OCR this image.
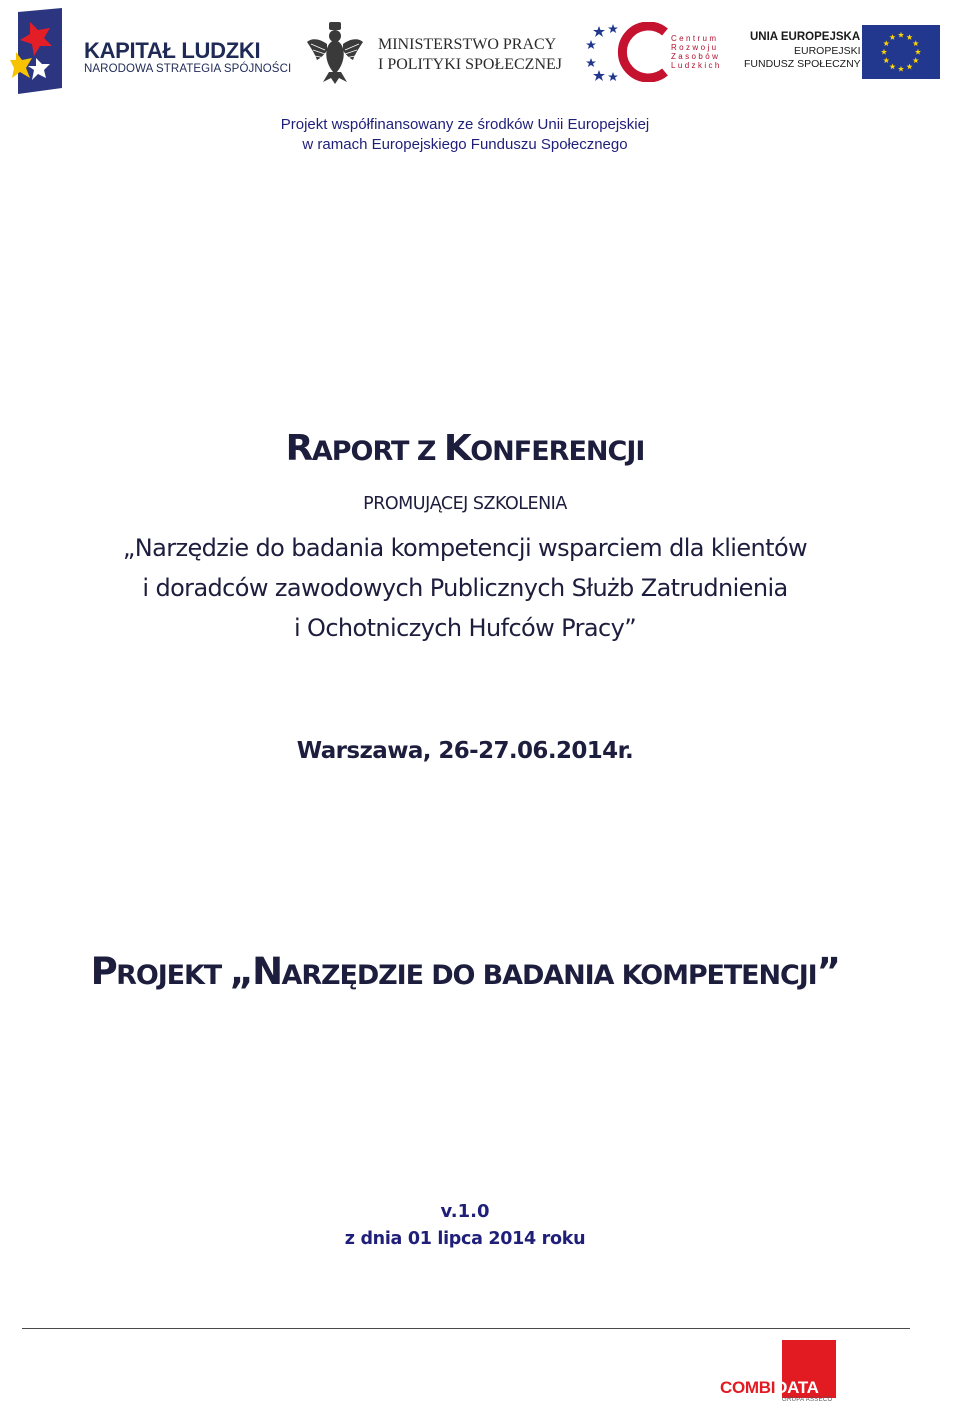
KAPITAŁ LUDZKI
NARODOWA STRATEGIA SPÓJNOŚCI
MINISTERSTWO PRACY
I POLITYKI SPOŁECZNEJ
Centrum
Rozwoju
Zasobów
Ludzkich
UNIA EUROPEJSKA
EUROPEJSKI
FUNDUSZ SPOŁECZNY
Projekt współfinansowany ze środków Unii Europejskiej
w ramach Europejskiego Funduszu Społecznego
RAPORT Z KONFERENCJI
PROMUJĄCEJ SZKOLENIA
„Narzędzie do badania kompetencji wsparciem dla klientów
i doradców zawodowych Publicznych Służb Zatrudnienia
i Ochotniczych Hufców Pracy”
Warszawa, 26-27.06.2014r.
PROJEKT „NARZĘDZIE DO BADANIA KOMPETENCJI”
v.1.0
z dnia 01 lipca 2014 roku
COMBIDATA
GRUPA ASSECO
